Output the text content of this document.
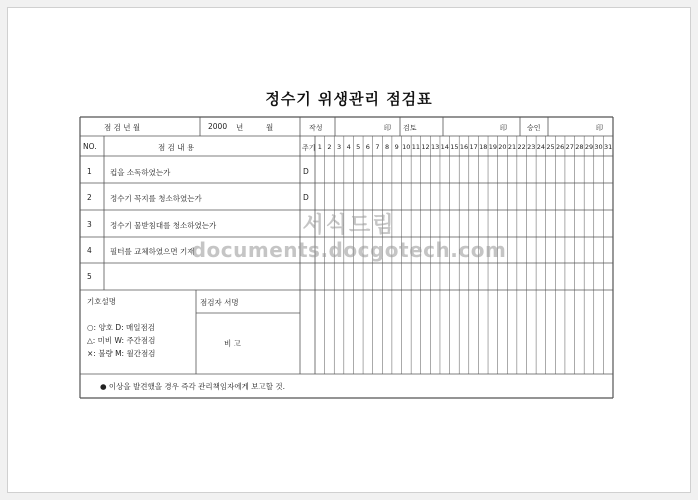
정수기 위생관리 점검표
점 검 년 월	2000 년	월	작성	印 검토	印	승인	印
NO.	점 검 내 용	주기 1 2 3 4 5 6 7 8 9 10 11 12 13 14 15 16 17 18 19 20 21 22 23 24 25 26 27 28 29 30 31
1 컵을 소독하였는가	D
2 정수기 꼭지를 청소하였는가	D
3 정수기 물받침대를 청소하였는가
4 필터를 교체하였으면 기재
5
기호설명
○: 양호 D: 매일점검
△: 미비 W: 주간점검
×: 불량 M: 월간점검
점검자 서명
비 고
● 이상을 발견했을 경우 즉각 관리책임자에게 보고할 것.
서식드림
documents.docgotech.com
